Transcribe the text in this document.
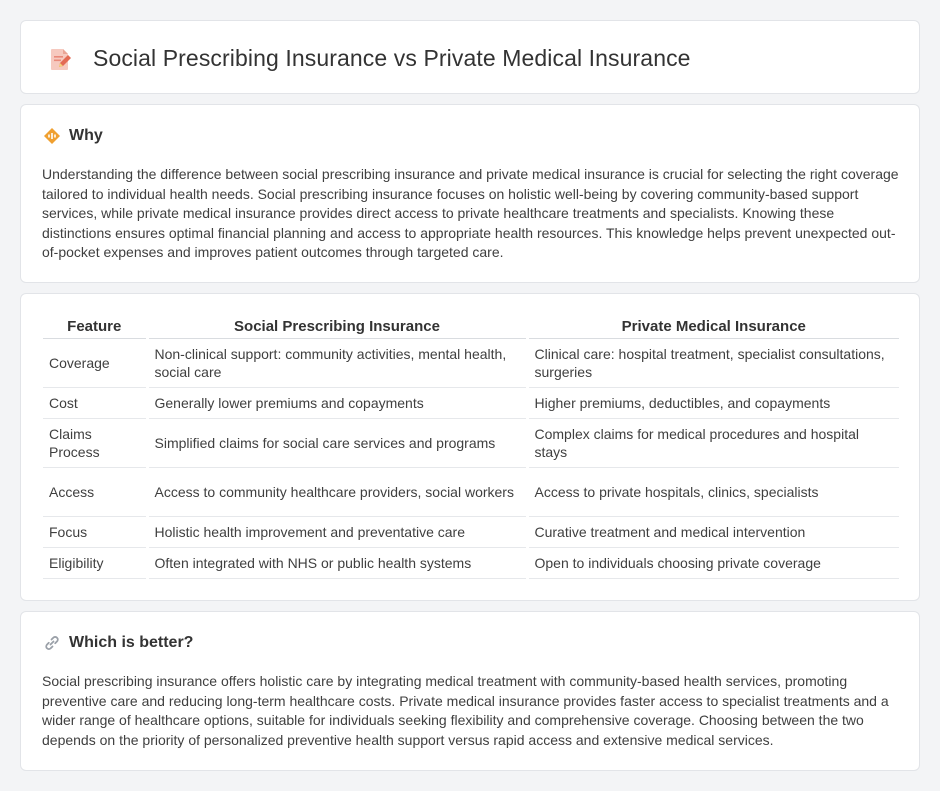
Social Prescribing Insurance vs Private Medical Insurance
Why

Understanding the difference between social prescribing insurance and private medical insurance is crucial for selecting the right coverage tailored to individual health needs. Social prescribing insurance focuses on holistic well-being by covering community-based support services, while private medical insurance provides direct access to private healthcare treatments and specialists. Knowing these distinctions ensures optimal financial planning and access to appropriate health resources. This knowledge helps prevent unexpected out-of-pocket expenses and improves patient outcomes through targeted care.

Feature	Social Prescribing Insurance	Private Medical Insurance
Coverage	Non-clinical support: community activities, mental health, social care	Clinical care: hospital treatment, specialist consultations, surgeries
Cost	Generally lower premiums and copayments	Higher premiums, deductibles, and copayments
Claims Process	Simplified claims for social care services and programs	Complex claims for medical procedures and hospital stays
Access	Access to community healthcare providers, social workers	Access to private hospitals, clinics, specialists
Focus	Holistic health improvement and preventative care	Curative treatment and medical intervention
Eligibility	Often integrated with NHS or public health systems	Open to individuals choosing private coverage
Which is better?

Social prescribing insurance offers holistic care by integrating medical treatment with community-based health services, promoting preventive care and reducing long-term healthcare costs. Private medical insurance provides faster access to specialist treatments and a wider range of healthcare options, suitable for individuals seeking flexibility and comprehensive coverage. Choosing between the two depends on the priority of personalized preventive health support versus rapid access and extensive medical services.
